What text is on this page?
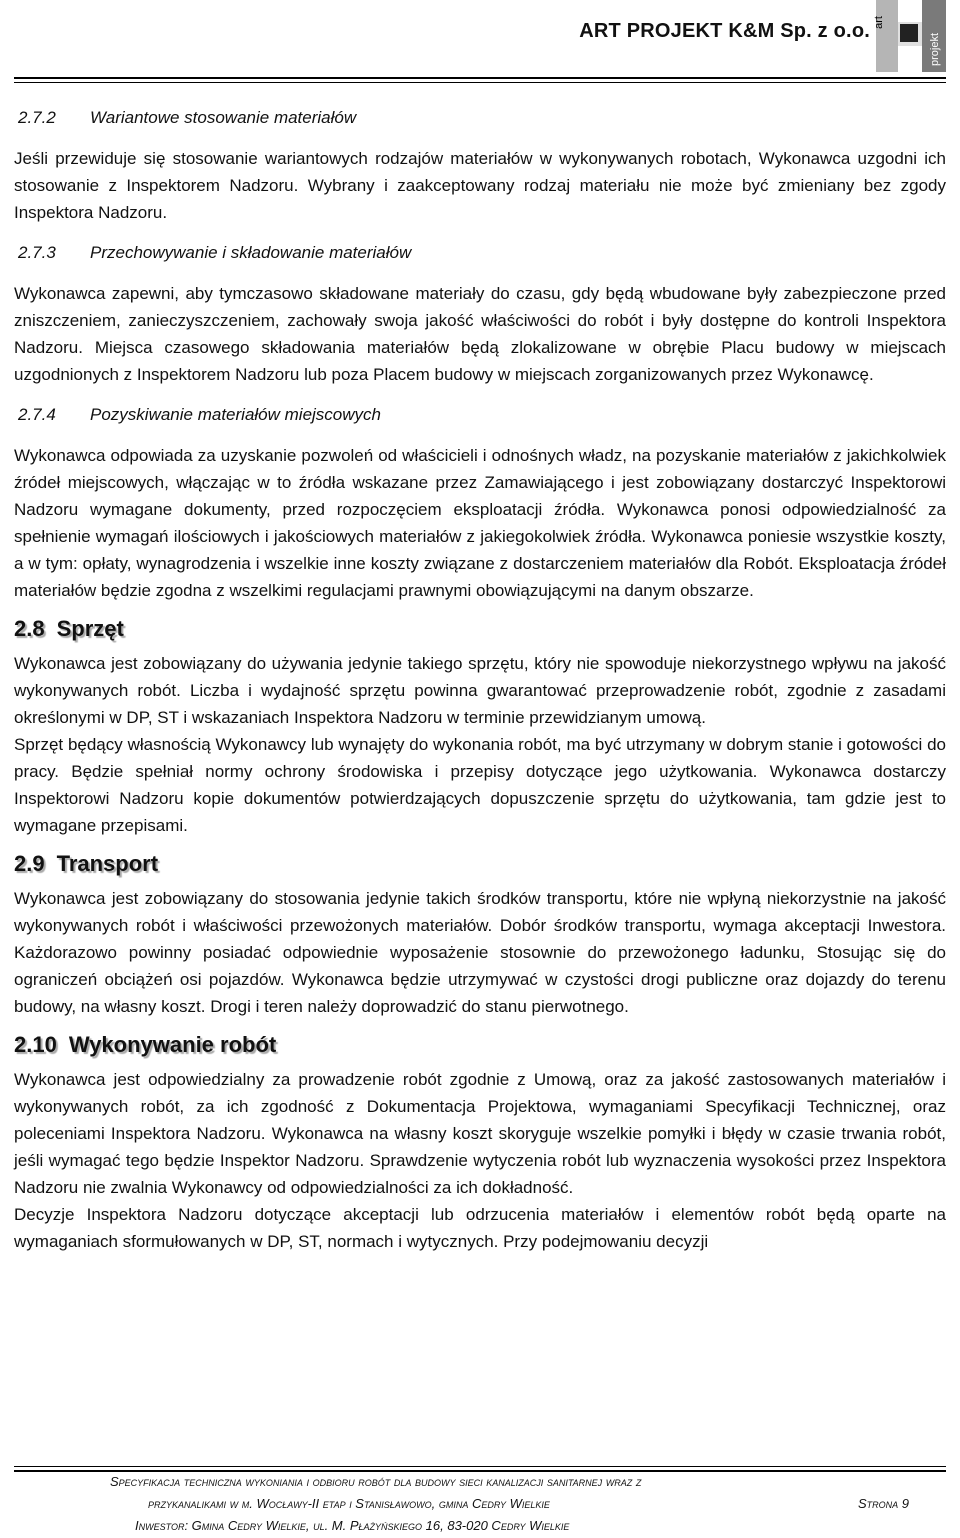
ART PROJEKT K&M Sp. z o.o. art
projekt
2.7.2 Wariantowe stosowanie materiałów

Jeśli przewiduje się stosowanie wariantowych rodzajów materiałów w wykonywanych robotach, Wykonawca uzgodni ich stosowanie z Inspektorem Nadzoru. Wybrany i zaakceptowany rodzaj materiału nie może być zmieniany bez zgody Inspektora Nadzoru.

2.7.3 Przechowywanie i składowanie materiałów

Wykonawca zapewni, aby tymczasowo składowane materiały do czasu, gdy będą wbudowane były zabezpieczone przed zniszczeniem, zanieczyszczeniem, zachowały swoja jakość właściwości do robót i były dostępne do kontroli Inspektora Nadzoru. Miejsca czasowego składowania materiałów będą zlokalizowane w obrębie Placu budowy w miejscach uzgodnionych z Inspektorem Nadzoru lub poza Placem budowy w miejscach zorganizowanych przez Wykonawcę.

2.7.4 Pozyskiwanie materiałów miejscowych

Wykonawca odpowiada za uzyskanie pozwoleń od właścicieli i odnośnych władz, na pozyskanie materiałów z jakichkolwiek źródeł miejscowych, włączając w to źródła wskazane przez Zamawiającego i jest zobowiązany dostarczyć Inspektorowi Nadzoru wymagane dokumenty, przed rozpoczęciem eksploatacji źródła. Wykonawca ponosi odpowiedzialność za spełnienie wymagań ilościowych i jakościowych materiałów z jakiegokolwiek źródła. Wykonawca poniesie wszystkie koszty, a w tym: opłaty, wynagrodzenia i wszelkie inne koszty związane z dostarczeniem materiałów dla Robót. Eksploatacja źródeł materiałów będzie zgodna z wszelkimi regulacjami prawnymi obowiązującymi na danym obszarze.

2.8 Sprzęt

Wykonawca jest zobowiązany do używania jedynie takiego sprzętu, który nie spowoduje niekorzystnego wpływu na jakość wykonywanych robót. Liczba i wydajność sprzętu powinna gwarantować przeprowadzenie robót, zgodnie z zasadami określonymi w DP, ST i wskazaniach Inspektora Nadzoru w terminie przewidzianym umową.

Sprzęt będący własnością Wykonawcy lub wynajęty do wykonania robót, ma być utrzymany w dobrym stanie i gotowości do pracy. Będzie spełniał normy ochrony środowiska i przepisy dotyczące jego użytkowania. Wykonawca dostarczy Inspektorowi Nadzoru kopie dokumentów potwierdzających dopuszczenie sprzętu do użytkowania, tam gdzie jest to wymagane przepisami.

2.9 Transport

Wykonawca jest zobowiązany do stosowania jedynie takich środków transportu, które nie wpłyną niekorzystnie na jakość wykonywanych robót i właściwości przewożonych materiałów. Dobór środków transportu, wymaga akceptacji Inwestora. Każdorazowo powinny posiadać odpowiednie wyposażenie stosownie do przewożonego ładunku, Stosując się do ograniczeń obciążeń osi pojazdów. Wykonawca będzie utrzymywać w czystości drogi publiczne oraz dojazdy do terenu budowy, na własny koszt. Drogi i teren należy doprowadzić do stanu pierwotnego.

2.10 Wykonywanie robót

Wykonawca jest odpowiedzialny za prowadzenie robót zgodnie z Umową, oraz za jakość zastosowanych materiałów i wykonywanych robót, za ich zgodność z Dokumentacja Projektowa, wymaganiami Specyfikacji Technicznej, oraz poleceniami Inspektora Nadzoru. Wykonawca na własny koszt skoryguje wszelkie pomyłki i błędy w czasie trwania robót, jeśli wymagać tego będzie Inspektor Nadzoru. Sprawdzenie wytyczenia robót lub wyznaczenia wysokości przez Inspektora Nadzoru nie zwalnia Wykonawcy od odpowiedzialności za ich dokładność.

Decyzje Inspektora Nadzoru dotyczące akceptacji lub odrzucenia materiałów i elementów robót będą oparte na wymaganiach sformułowanych w DP, ST, normach i wytycznych. Przy podejmowaniu decyzji

Specyfikacja techniczna wykoniania i odbioru robót dla budowy sieci kanalizacji sanitarnej wraz z
przykanalikami w m. Wocławy-II etap i Stanisławowo, gmina Cedry Wielkie	Strona 9
Inwestor: Gmina Cedry Wielkie, ul. M. Płażyńskiego 16, 83-020 Cedry Wielkie
